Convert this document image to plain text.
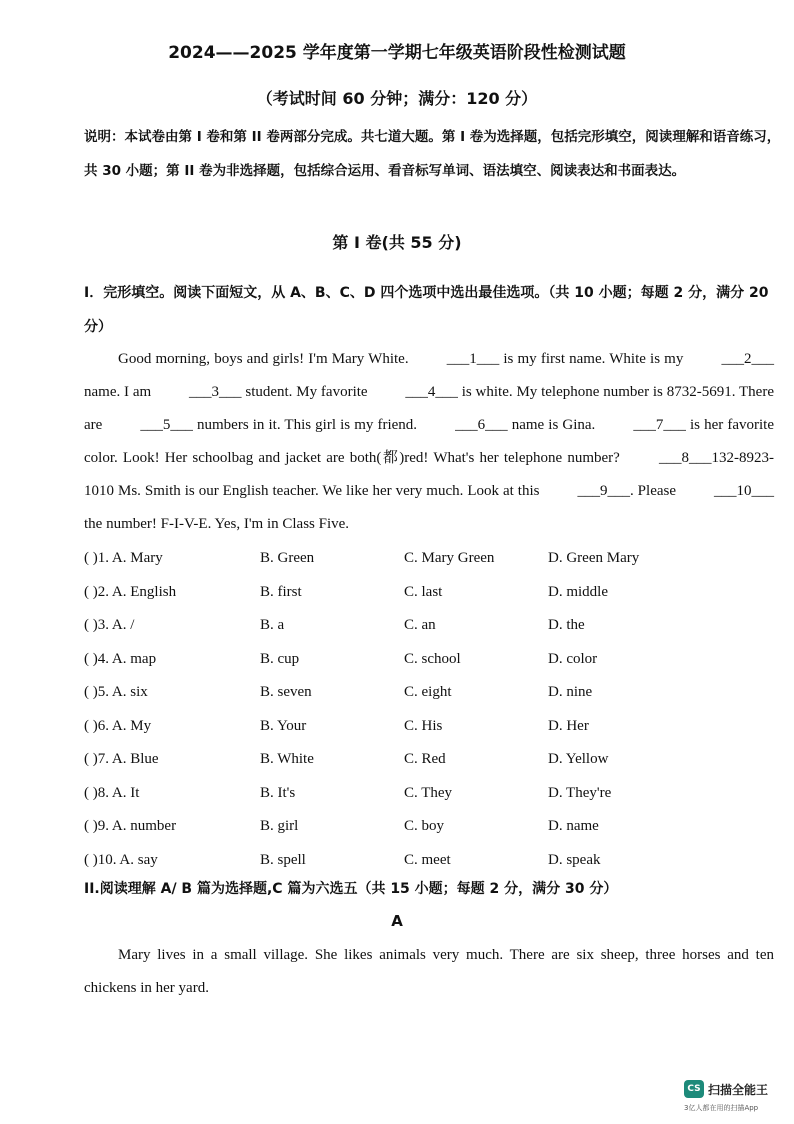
2024——2025 学年度第一学期七年级英语阶段性检测试题
（考试时间 60 分钟；满分：120 分）
说明：本试卷由第 I 卷和第 II 卷两部分完成。共七道大题。第 I 卷为选择题，包括完形填空，阅读理解和语音练习，共 30 小题；第 II 卷为非选择题，包括综合运用、看音标写单词、语法填空、阅读表达和书面表达。
第 I 卷(共 55 分)
I．完形填空。阅读下面短文，从 A、B、C、D 四个选项中选出最佳选项。（共 10 小题；每题 2 分，满分 20 分）
Good morning, boys and girls! I'm Mary White. ___1___ is my first name. White is my ___2___ name. I am ___3___ student. My favorite ___4___ is white. My telephone number is 8732-5691. There are ___5___ numbers in it. This girl is my friend. ___6___ name is Gina. ___7___ is her favorite color. Look! Her schoolbag and jacket are both(都)red! What's her telephone number? ___8___132-8923-1010 Ms. Smith is our English teacher. We like her very much. Look at this ___9___. Please ___10___ the number! F-I-V-E. Yes, I'm in Class Five.
( )1. A. Mary	B. Green	C. Mary Green	D. Green Mary
( )2. A. English	B. first	C. last	D. middle
( )3. A. /	B. a	C. an	D. the
( )4. A. map	B. cup	C. school	D. color
( )5. A. six	B. seven	C. eight	D. nine
( )6. A. My	B. Your	C. His	D. Her
( )7. A. Blue	B. White	C. Red	D. Yellow
( )8. A. It	B. It's	C. They	D. They're
( )9. A. number	B. girl	C. boy	D. name
( )10. A. say	B. spell	C. meet	D. speak
II.阅读理解 A/ B 篇为选择题,C 篇为六选五（共 15 小题；每题 2 分，满分 30 分）
A
Mary lives in a small village. She likes animals very much. There are six sheep, three horses and ten chickens in her yard.
CS 扫描全能王
3亿人都在用的扫描App
